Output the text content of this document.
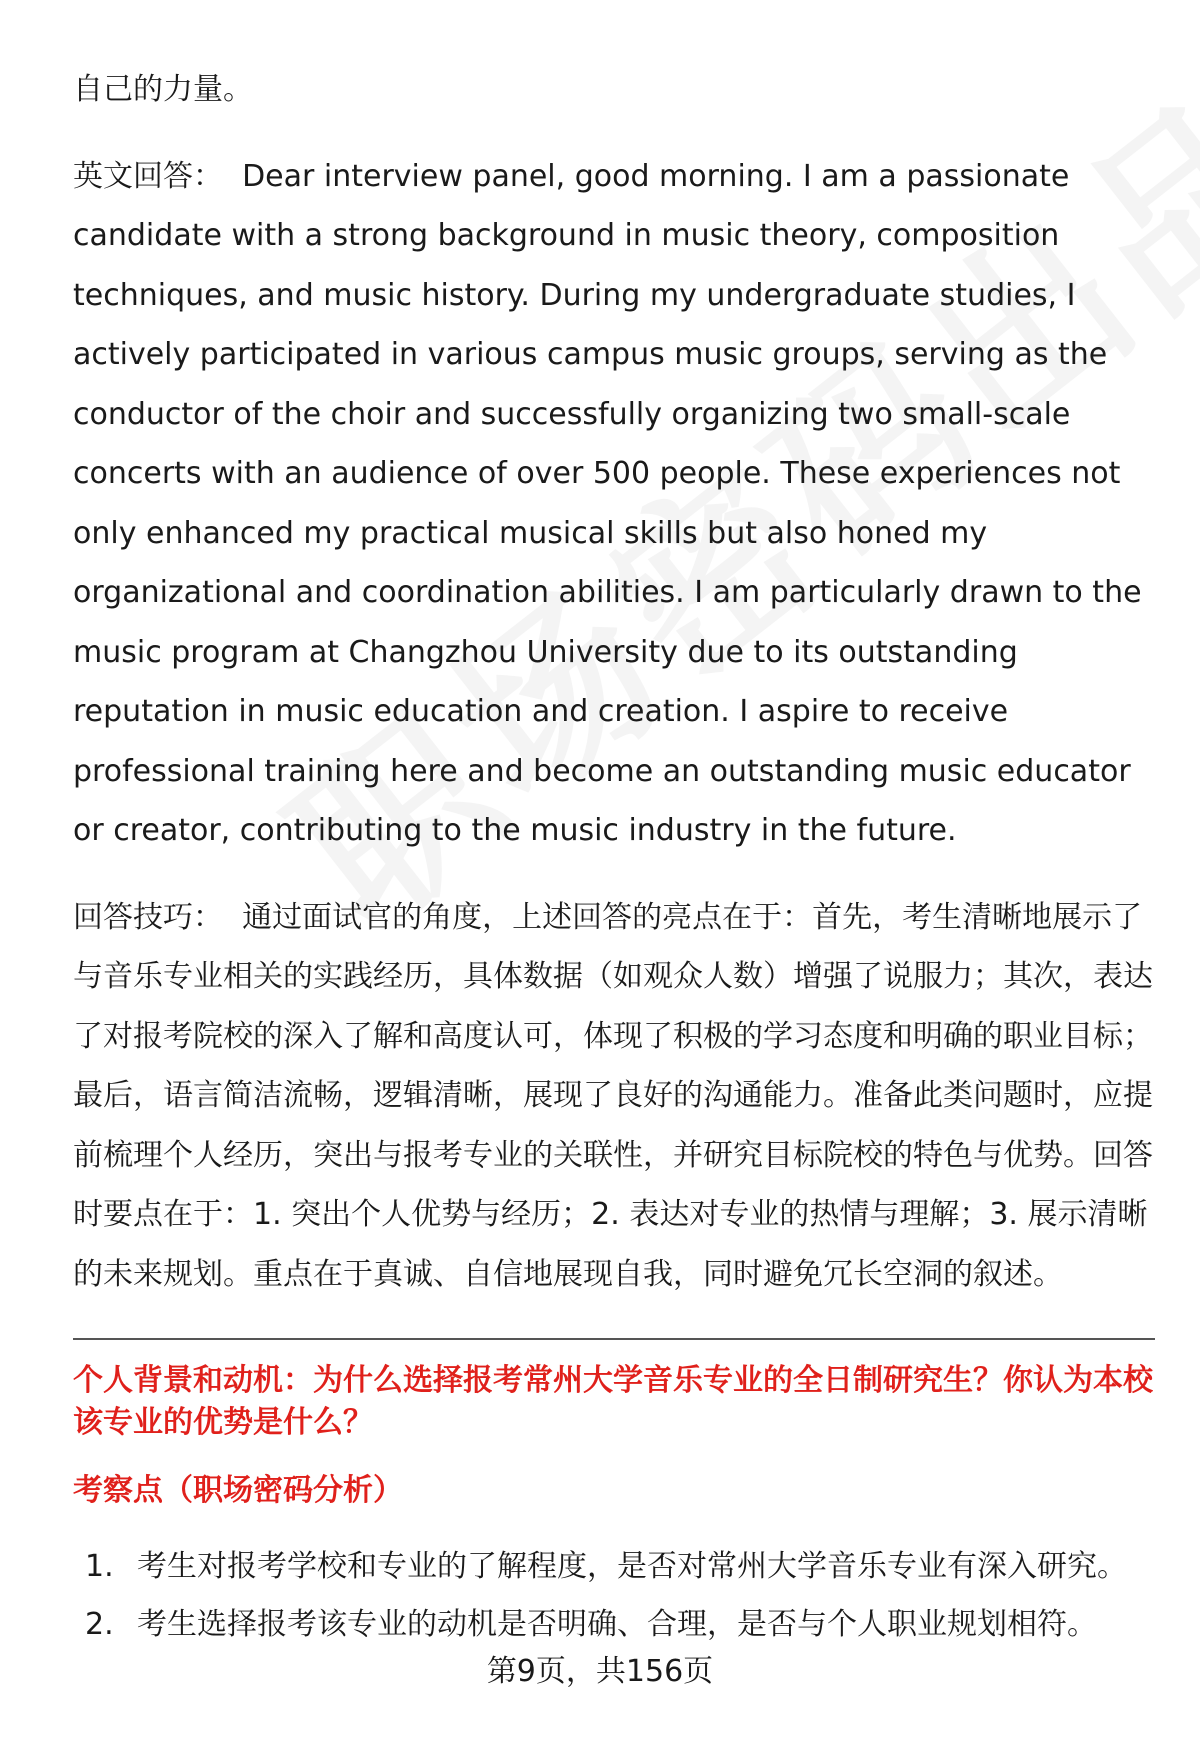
自己的力量。

英文回答： Dear interview panel, good morning. I am a passionate candidate with a strong background in music theory, composition techniques, and music history. During my undergraduate studies, I actively participated in various campus music groups, serving as the conductor of the choir and successfully organizing two small-scale concerts with an audience of over 500 people. These experiences not only enhanced my practical musical skills but also honed my organizational and coordination abilities. I am particularly drawn to the music program at Changzhou University due to its outstanding reputation in music education and creation. I aspire to receive professional training here and become an outstanding music educator or creator, contributing to the music industry in the future.

回答技巧： 通过面试官的角度，上述回答的亮点在于：首先，考生清晰地展示了与音乐专业相关的实践经历，具体数据（如观众人数）增强了说服力；其次，表达了对报考院校的深入了解和高度认可，体现了积极的学习态度和明确的职业目标；最后，语言简洁流畅，逻辑清晰，展现了良好的沟通能力。准备此类问题时，应提前梳理个人经历，突出与报考专业的关联性，并研究目标院校的特色与优势。回答时要点在于：1. 突出个人优势与经历；2. 表达对专业的热情与理解；3. 展示清晰的未来规划。重点在于真诚、自信地展现自我，同时避免冗长空洞的叙述。

个人背景和动机：为什么选择报考常州大学音乐专业的全日制研究生？你认为本校该专业的优势是什么？
考察点（职场密码分析）
1. 考生对报考学校和专业的了解程度，是否对常州大学音乐专业有深入研究。
2. 考生选择报考该专业的动机是否明确、合理，是否与个人职业规划相符。
第9页，共156页
